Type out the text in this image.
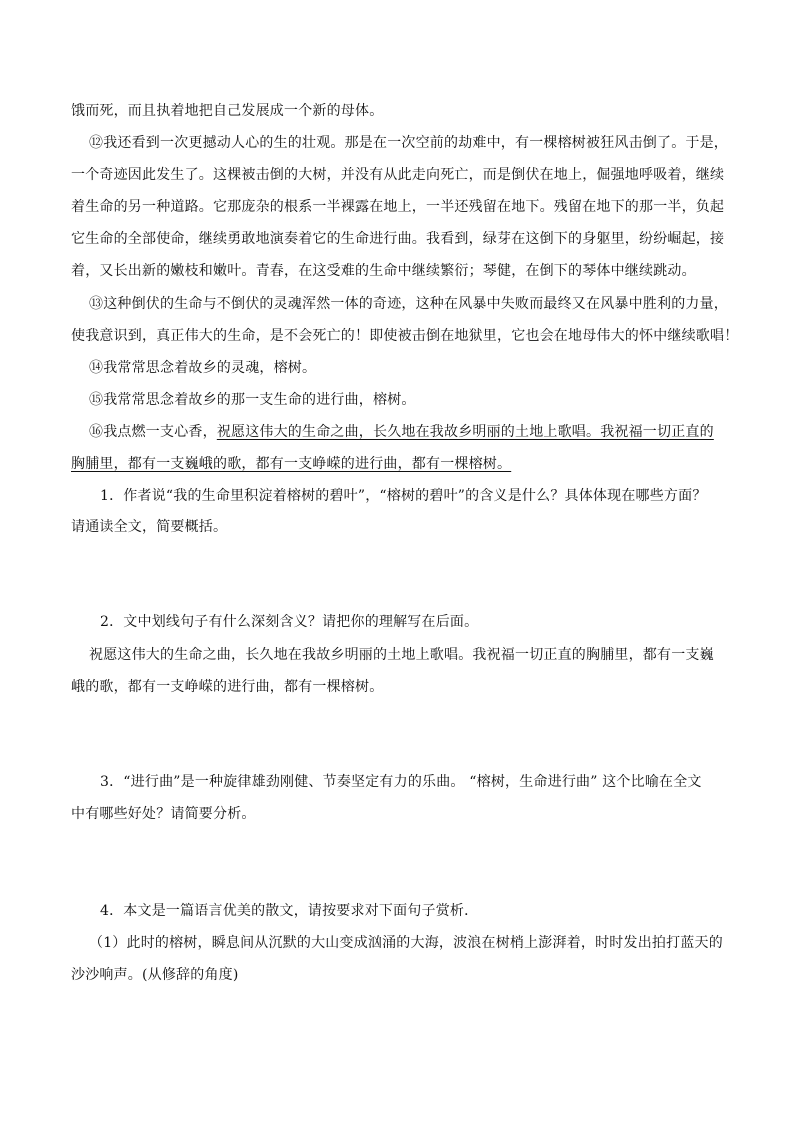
饿而死，而且执着地把自己发展成一个新的母体。
⑫我还看到一次更撼动人心的生的壮观。那是在一次空前的劫难中，有一棵榕树被狂风击倒了。于是，
一个奇迹因此发生了。这棵被击倒的大树，并没有从此走向死亡，而是倒伏在地上，倔强地呼吸着，继续
着生命的另一种道路。它那庞杂的根系一半裸露在地上，一半还残留在地下。残留在地下的那一半，负起
它生命的全部使命，继续勇敢地演奏着它的生命进行曲。我看到，绿芽在这倒下的身躯里，纷纷崛起，接
着，又长出新的嫩枝和嫩叶。青春，在这受难的生命中继续繁衍；琴健，在倒下的琴体中继续跳动。
⑬这种倒伏的生命与不倒伏的灵魂浑然一体的奇迹，这种在风暴中失败而最终又在风暴中胜利的力量，
使我意识到，真正伟大的生命，是不会死亡的！即使被击倒在地狱里，它也会在地母伟大的怀中继续歌唱！
⑭我常常思念着故乡的灵魂，榕树。
⑮我常常思念着故乡的那一支生命的进行曲，榕树。
⑯我点燃一支心香，祝愿这伟大的生命之曲，长久地在我故乡明丽的土地上歌唱。我祝福一切正直的
胸脯里，都有一支巍峨的歌，都有一支峥嵘的进行曲，都有一棵榕树。
1．作者说“我的生命里积淀着榕树的碧叶”，“榕树的碧叶”的含义是什么？具体体现在哪些方面？
请通读全文，简要概括。
2．文中划线句子有什么深刻含义？请把你的理解写在后面。
祝愿这伟大的生命之曲，长久地在我故乡明丽的土地上歌唱。我祝福一切正直的胸脯里，都有一支巍
峨的歌，都有一支峥嵘的进行曲，都有一棵榕树。
3．“进行曲”是一种旋律雄劲刚健、节奏坚定有力的乐曲。 “榕树，生命进行曲” 这个比喻在全文
中有哪些好处？请简要分析。
4．本文是一篇语言优美的散文，请按要求对下面句子赏析．
（1）此时的榕树，瞬息间从沉默的大山变成汹涌的大海，波浪在树梢上澎湃着，时时发出拍打蓝天的
沙沙响声。(从修辞的角度)
